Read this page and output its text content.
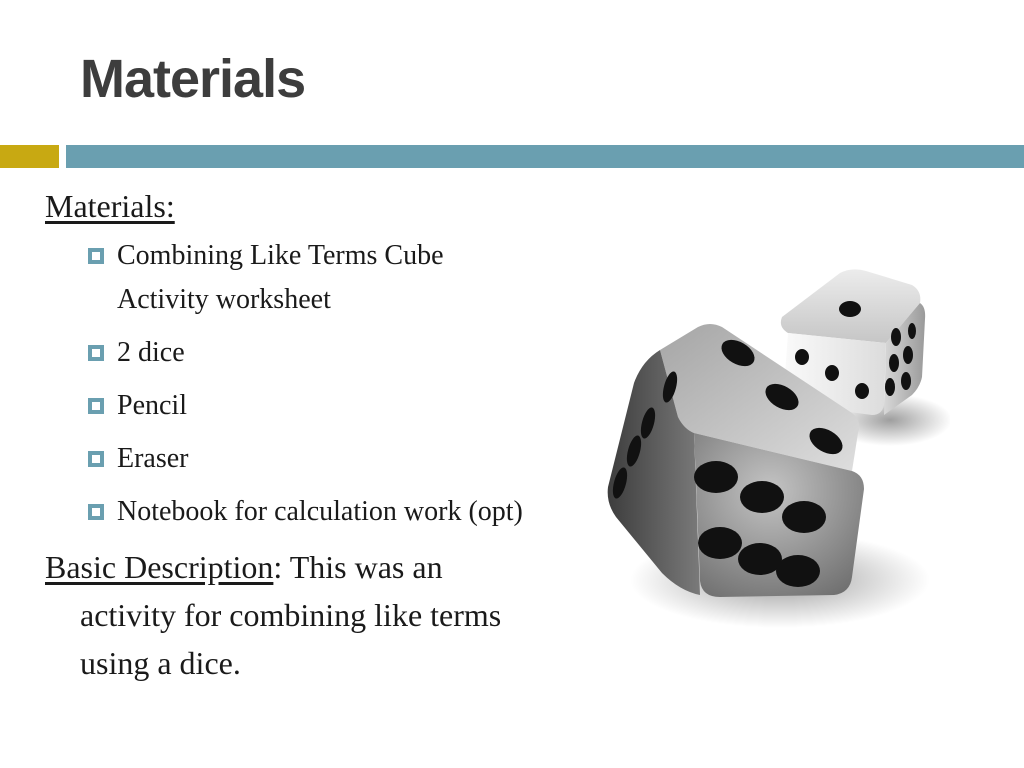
Materials
Materials:
Combining Like Terms Cube Activity worksheet
2 dice
Pencil
Eraser
Notebook for calculation work (opt)

Basic Description: This was an activity for combining like terms using a dice.
